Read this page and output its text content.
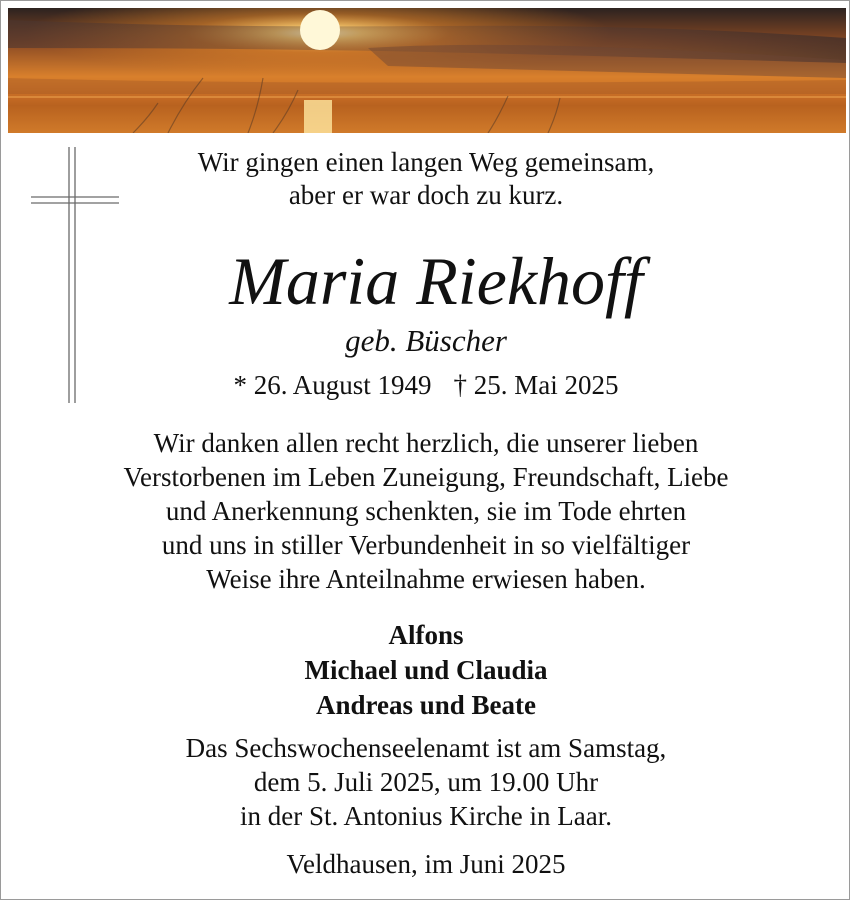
Wir gingen einen langen Weg gemeinsam,
aber er war doch zu kurz.
Maria Riekhoff
geb. Büscher
* 26. August 1949 † 25. Mai 2025
Wir danken allen recht herzlich, die unserer lieben
Verstorbenen im Leben Zuneigung, Freundschaft, Liebe
und Anerkennung schenkten, sie im Tode ehrten
und uns in stiller Verbundenheit in so vielfältiger
Weise ihre Anteilnahme erwiesen haben.
Alfons
Michael und Claudia
Andreas und Beate
Das Sechswochenseelenamt ist am Samstag,
dem 5. Juli 2025, um 19.00 Uhr
in der St. Antonius Kirche in Laar.
Veldhausen, im Juni 2025
